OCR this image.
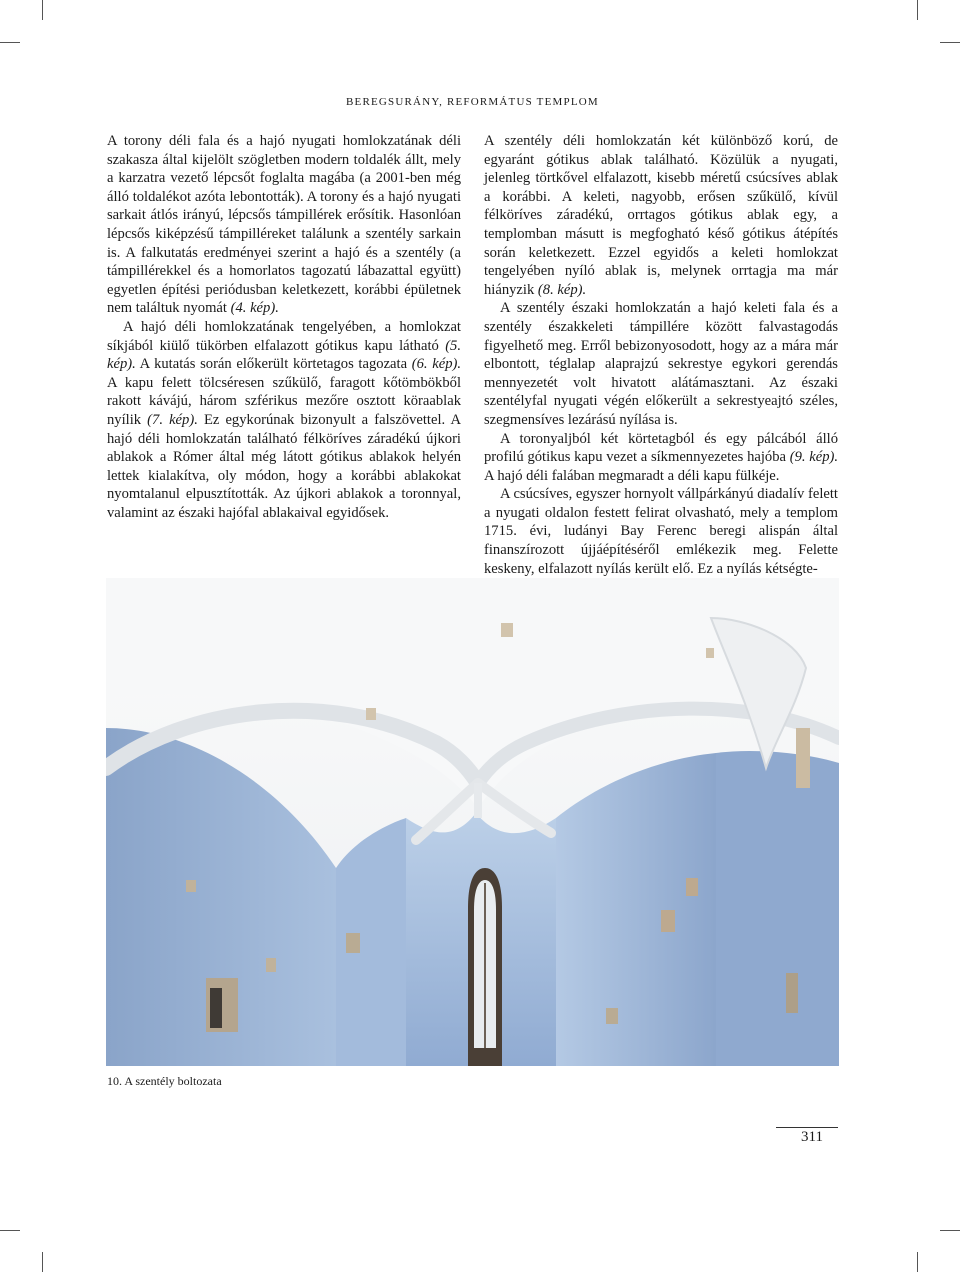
BEREGSURÁNY, REFORMÁTUS TEMPLOM

A torony déli fala és a hajó nyugati homlokzatának déli szakasza által kijelölt szögletben modern toldalék állt, mely a karzatra vezető lépcsőt foglalta magába (a 2001-ben még álló toldalékot azóta lebontották). A torony és a hajó nyugati sarkait átlós irányú, lépcsős támpillérek erősítik. Hasonlóan lépcsős kiképzésű támpilléreket találunk a szentély sarkain is. A falkutatás eredményei szerint a hajó és a szentély (a támpillérekkel és a homorlatos tagozatú lábazattal együtt) egyetlen építési periódusban keletkezett, korábbi épületnek nem találtuk nyomát (4. kép).

A hajó déli homlokzatának tengelyében, a homlokzat síkjából kiülő tükörben elfalazott gótikus kapu látható (5. kép). A kutatás során előkerült körtetagos tagozata (6. kép). A kapu felett tölcséresen szűkülő, faragott kőtömbökből rakott kávájú, három szférikus mezőre osztott köraablak nyílik (7. kép). Ez egykorúnak bizonyult a falszövettel. A hajó déli homlokzatán található félköríves záradékú újkori ablakok a Rómer által még látott gótikus ablakok helyén lettek kialakítva, oly módon, hogy a korábbi ablakokat nyomtalanul elpusztították. Az újkori ablakok a toronnyal, valamint az északi hajófal ablakaival egyidősek.

A szentély déli homlokzatán két különböző korú, de egyaránt gótikus ablak található. Közülük a nyugati, jelenleg törtkővel elfalazott, kisebb méretű csúcsíves ablak a korábbi. A keleti, nagyobb, erősen szűkülő, kívül félköríves záradékú, orrtagos gótikus ablak egy, a templomban másutt is megfogható késő gótikus átépítés során keletkezett. Ezzel egyidős a keleti homlokzat tengelyében nyíló ablak is, melynek orrtagja ma már hiányzik (8. kép).

A szentély északi homlokzatán a hajó keleti fala és a szentély északkeleti támpillére között falvastagodás figyelhető meg. Erről bebizonyosodott, hogy az a mára már elbontott, téglalap alaprajzú sekrestye egykori gerendás mennyezetét volt hivatott alátámasztani. Az északi szentélyfal nyugati végén előkerült a sekrestyeajtó széles, szegmensíves lezárású nyílása is.

A toronyaljból két körtetagból és egy pálcából álló profilú gótikus kapu vezet a síkmennyezetes hajóba (9. kép). A hajó déli falában megmaradt a déli kapu fülkéje.

A csúcsíves, egyszer hornyolt vállpárkányú diadalív felett a nyugati oldalon festett felirat olvasható, mely a templom 1715. évi, ludányi Bay Ferenc beregi alispán által finanszírozott újjáépítéséről emlékezik meg. Felette keskeny, elfalazott nyílás került elő. Ez a nyílás kétségte-

10. A szentély boltozata
311
